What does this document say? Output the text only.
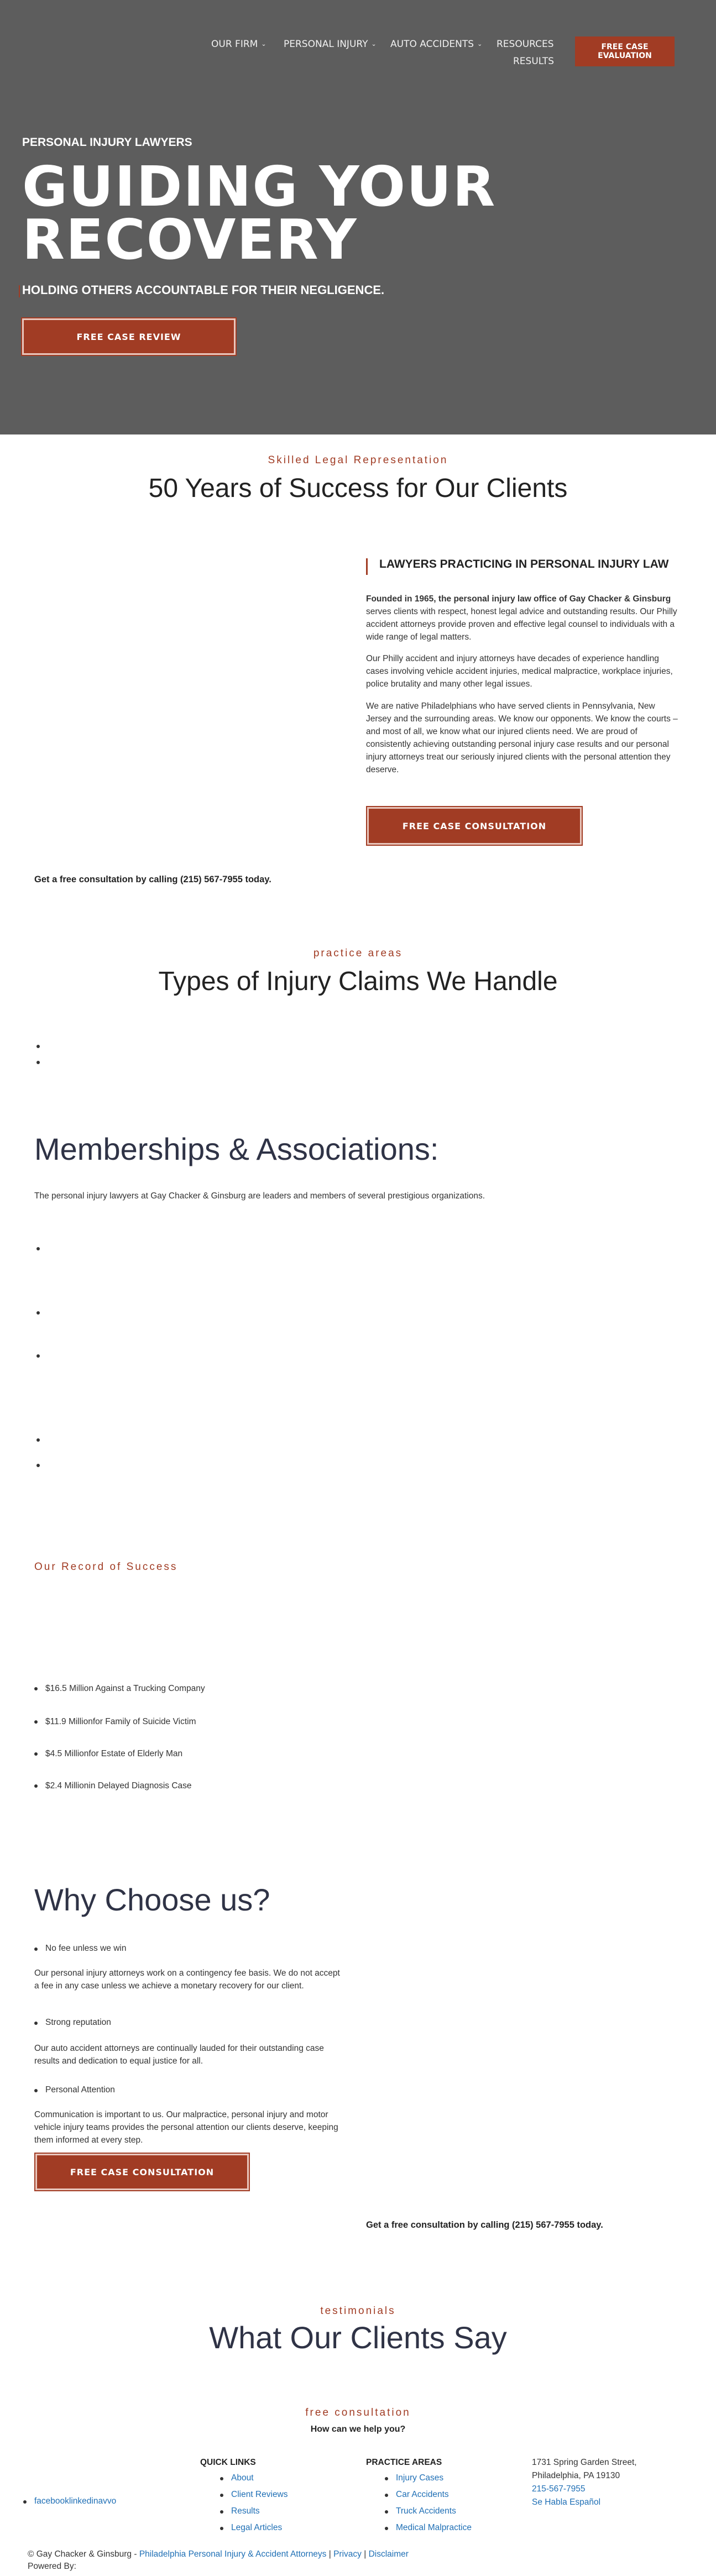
OUR FIRM ⌄ PERSONAL INJURY ⌄ AUTO ACCIDENTS ⌄ RESOURCES
RESULTS
FREE CASE
EVALUATION
PERSONAL INJURY LAWYERS
GUIDING YOUR
RECOVERY
HOLDING OTHERS ACCOUNTABLE FOR THEIR NEGLIGENCE.
FREE CASE REVIEW
Skilled Legal Representation
50 Years of Success for Our Clients
LAWYERS PRACTICING IN PERSONAL INJURY LAW
Founded in 1965, the personal injury law office of Gay Chacker & Ginsburg serves clients with respect, honest legal advice and outstanding results. Our Philly accident attorneys provide proven and effective legal counsel to individuals with a wide range of legal matters.
Our Philly accident and injury attorneys have decades of experience handling cases involving vehicle accident injuries, medical malpractice, workplace injuries, police brutality and many other legal issues.
We are native Philadelphians who have served clients in Pennsylvania, New Jersey and the surrounding areas. We know our opponents. We know the courts – and most of all, we know what our injured clients need. We are proud of consistently achieving outstanding personal injury case results and our personal injury attorneys treat our seriously injured clients with the personal attention they deserve.
FREE CASE CONSULTATION
Get a free consultation by calling (215) 567-7955 today.
practice areas
Types of Injury Claims We Handle
Memberships & Associations:
The personal injury lawyers at Gay Chacker & Ginsburg are leaders and members of several prestigious organizations.
Our Record of Success
$16.5 Million Against a Trucking Company
$11.9 Millionfor Family of Suicide Victim
$4.5 Millionfor Estate of Elderly Man
$2.4 Millionin Delayed Diagnosis Case
Why Choose us?
No fee unless we win
Our personal injury attorneys work on a contingency fee basis. We do not accept a fee in any case unless we achieve a monetary recovery for our client.
Strong reputation
Our auto accident attorneys are continually lauded for their outstanding case results and dedication to equal justice for all.
Personal Attention
Communication is important to us. Our malpractice, personal injury and motor vehicle injury teams provides the personal attention our clients deserve, keeping them informed at every step.
FREE CASE CONSULTATION
Get a free consultation by calling (215) 567-7955 today.
testimonials
What Our Clients Say
free consultation
How can we help you?
facebooklinkedinavvo
QUICK LINKS
About
Client Reviews
Results
Legal Articles
PRACTICE AREAS
Injury Cases
Car Accidents
Truck Accidents
Medical Malpractice
1731 Spring Garden Street,
Philadelphia, PA 19130
215-567-7955
Se Habla Español
© Gay Chacker & Ginsburg - Philadelphia Personal Injury & Accident Attorneys | Privacy | Disclaimer
Powered By:
